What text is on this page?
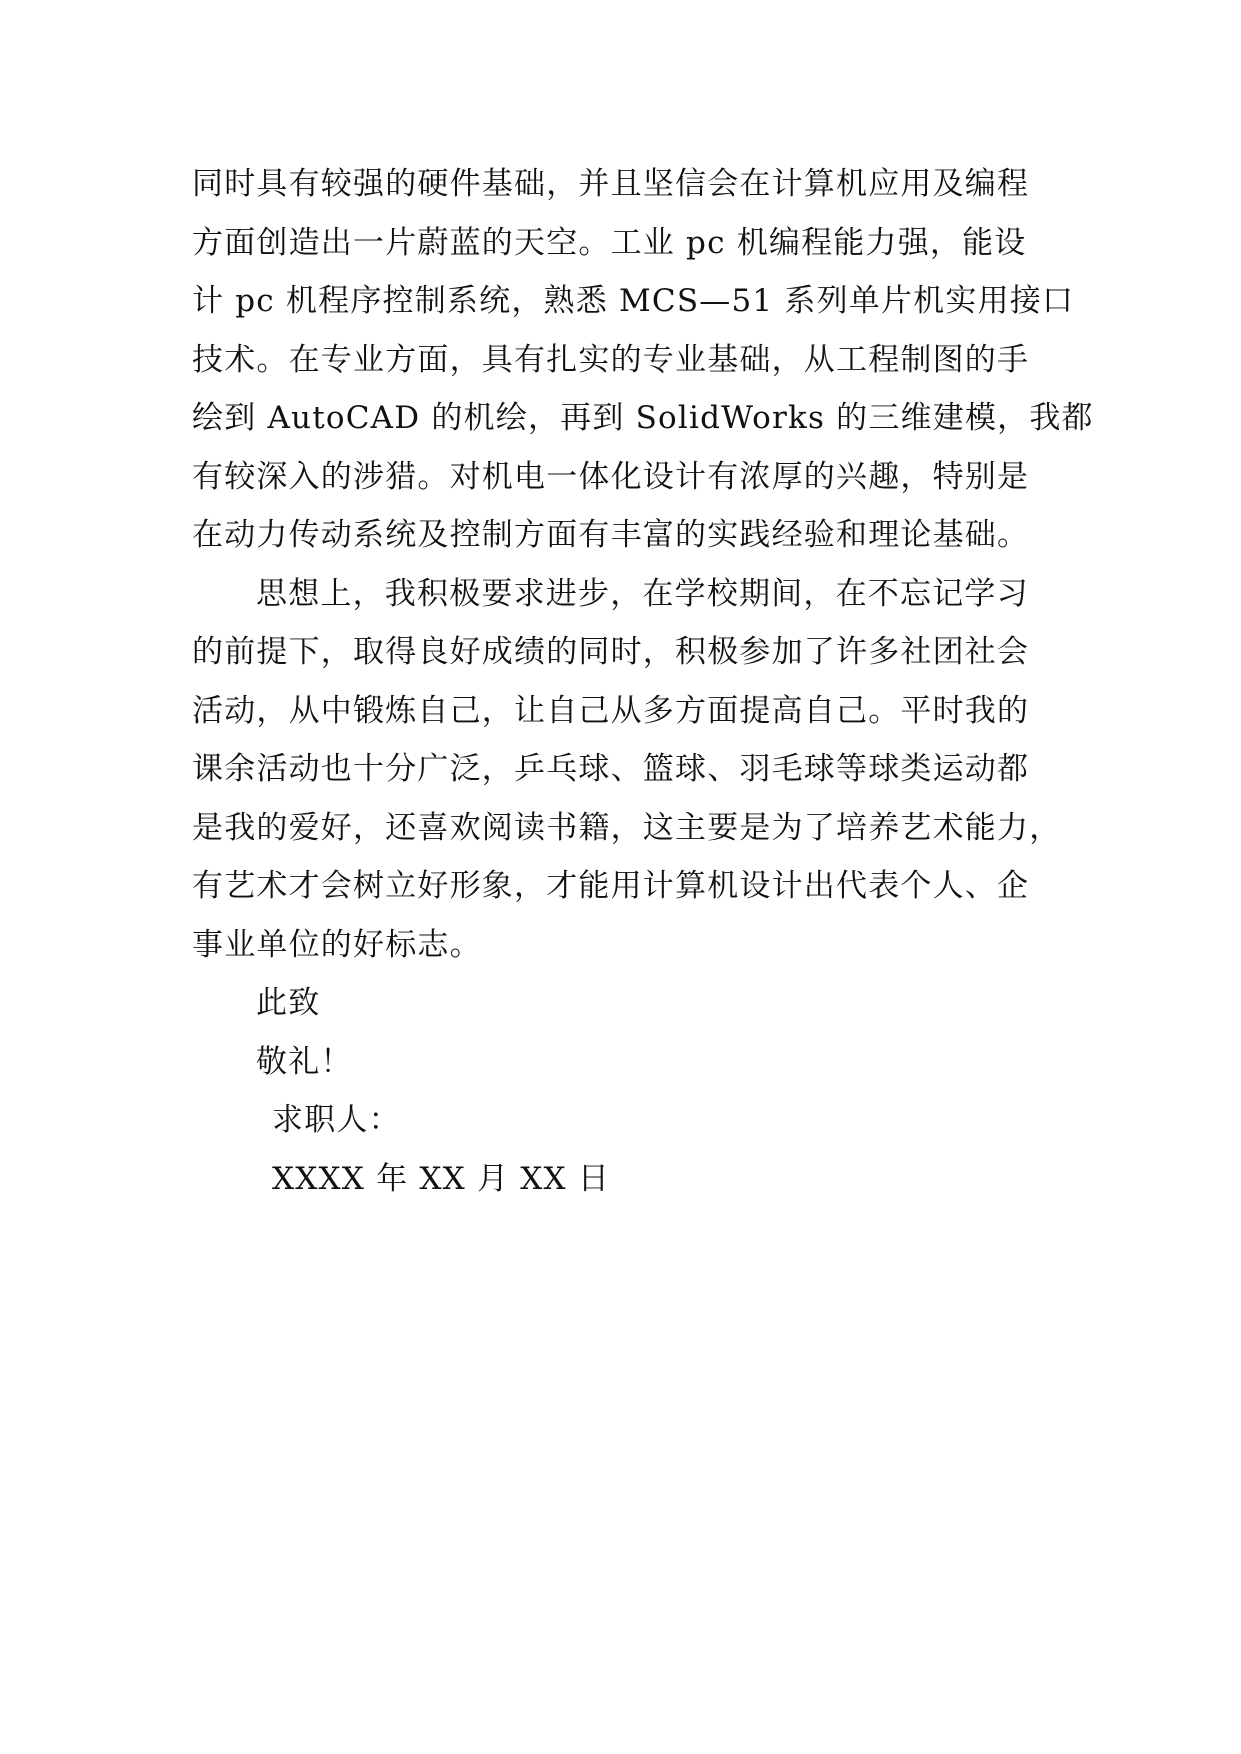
同时具有较强的硬件基础，并且坚信会在计算机应用及编程
方面创造出一片蔚蓝的天空。工业 pc 机编程能力强，能设
计 pc 机程序控制系统，熟悉 MCS—51 系列单片机实用接口
技术。在专业方面，具有扎实的专业基础，从工程制图的手
绘到 AutoCAD 的机绘，再到 SolidWorks 的三维建模，我都
有较深入的涉猎。对机电一体化设计有浓厚的兴趣，特别是
在动力传动系统及控制方面有丰富的实践经验和理论基础。
思想上，我积极要求进步，在学校期间，在不忘记学习
的前提下，取得良好成绩的同时，积极参加了许多社团社会
活动，从中锻炼自己，让自己从多方面提高自己。平时我的
课余活动也十分广泛，乒乓球、篮球、羽毛球等球类运动都
是我的爱好，还喜欢阅读书籍，这主要是为了培养艺术能力，
有艺术才会树立好形象，才能用计算机设计出代表个人、企
事业单位的好标志。
此致
敬礼！
求职人：
XXXX 年 XX 月 XX 日
